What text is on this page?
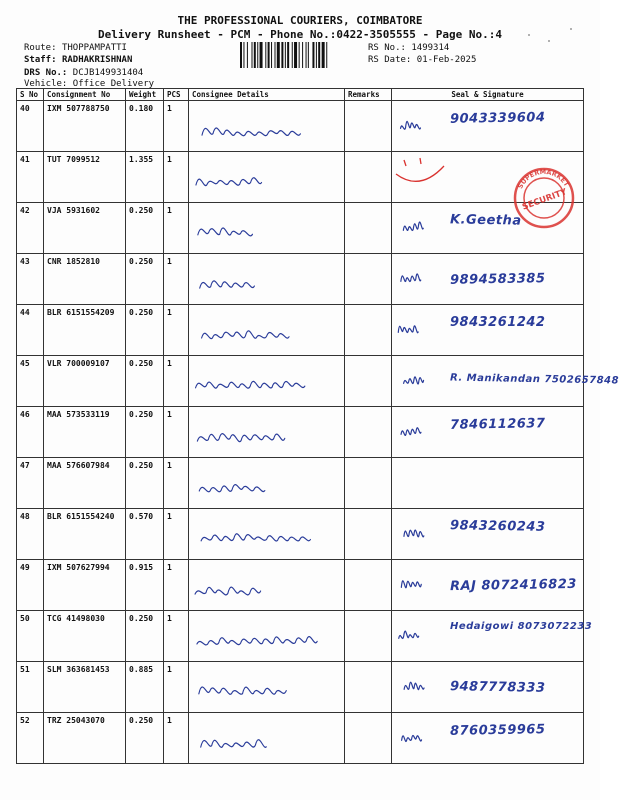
THE PROFESSIONAL COURIERS, COIMBATORE
Delivery Runsheet - PCM - Phone No.:0422-3505555 - Page No.:4
Route: THOPPAMPATTI
Staff: RADHAKRISHNAN
DRS No.: DCJB149931404
Vehicle: Office Delivery
RS No.: 1499314
RS Date: 01-Feb-2025
S No	Consignment No	Weight	PCS	Consignee Details	Remarks	Seal & Signature
40	IXM 507788750	0.180	1			9043339604

41	TUT 7099512	1.355	1	

42	VJA 5931602	0.250	1			K.Geetha

43	CNR 1852810	0.250	1			9894583385

44	BLR 6151554209	0.250	1			9843261242

45	VLR 700009107	0.250	1			R. Manikandan 7502657848

46	MAA 573533119	0.250	1			7846112637

47	MAA 576607984	0.250	1	

48	BLR 6151554240	0.570	1			9843260243

49	IXM 507627994	0.915	1			RAJ 8072416823

50	TCG 41498030	0.250	1			Hedaigowi 8073072233

51	SLM 363681453	0.885	1			9487778333

52	TRZ 25043070	0.250	1			8760359965
SUPERMARKET
SECURITY
